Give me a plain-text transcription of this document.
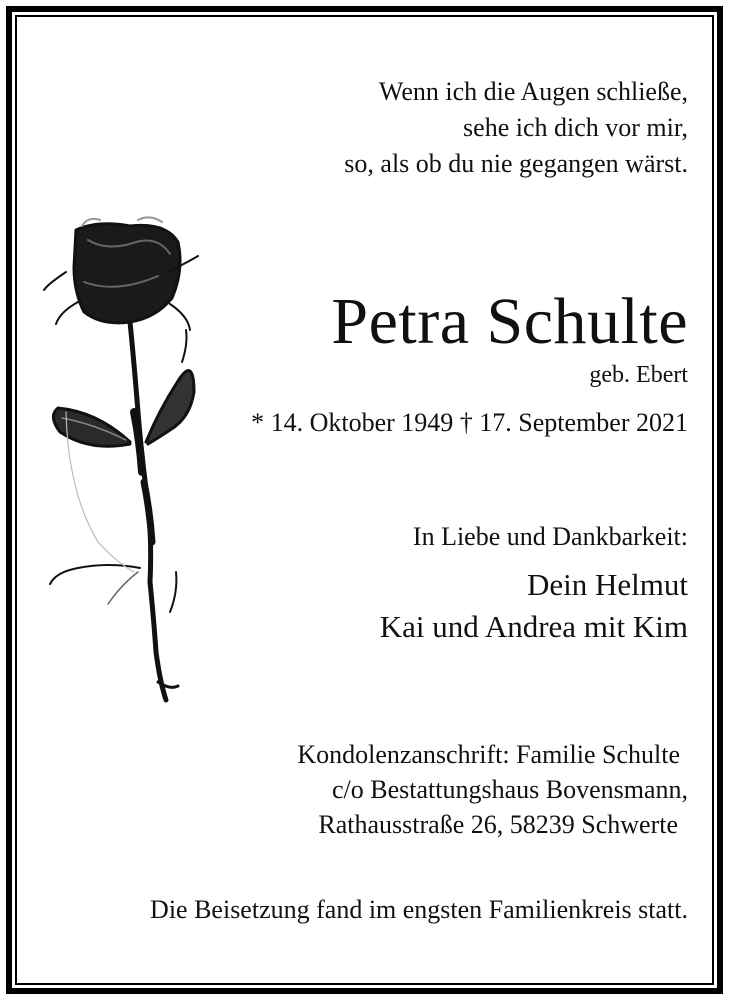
Wenn ich die Augen schließe,
sehe ich dich vor mir,
so, als ob du nie gegangen wärst.
Petra Schulte
geb. Ebert
* 14. Oktober 1949 † 17. September 2021
In Liebe und Dankbarkeit:
Dein Helmut
Kai und Andrea mit Kim
Kondolenzanschrift: Familie Schulte
c/o Bestattungshaus Bovensmann,
Rathausstraße 26, 58239 Schwerte
Die Beisetzung fand im engsten Familienkreis statt.
